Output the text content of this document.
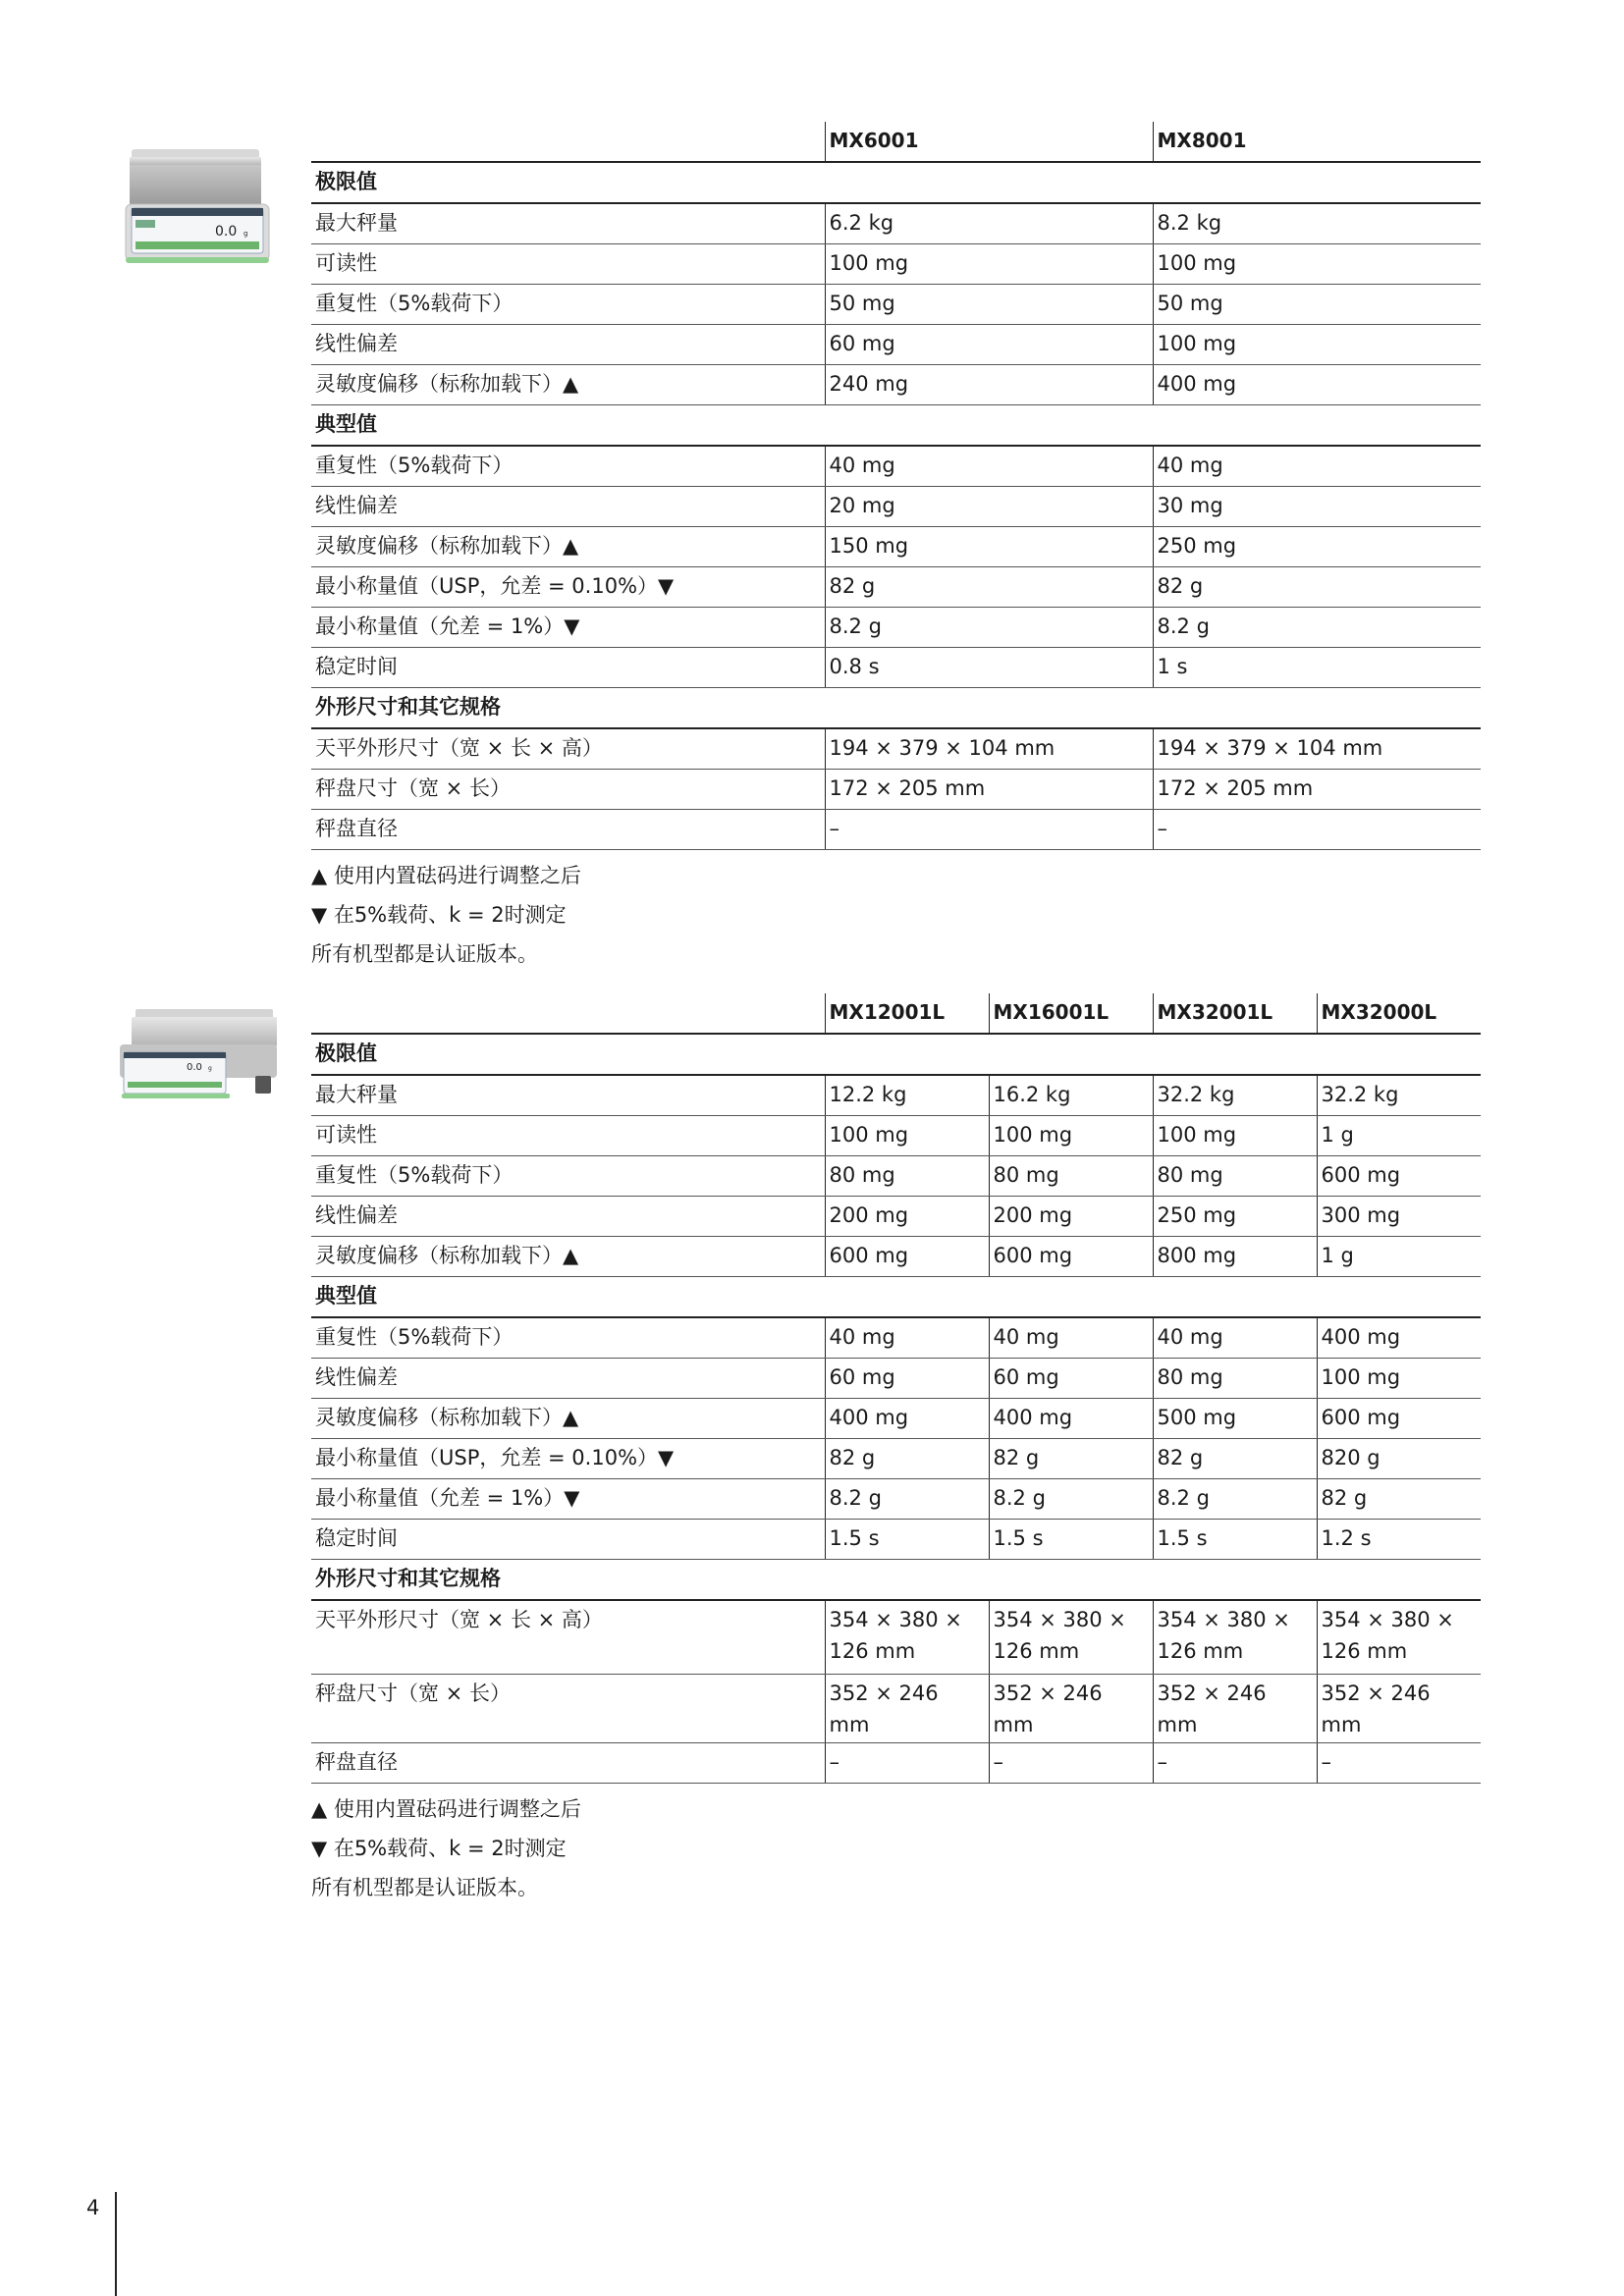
0.0 g
0.0 g
	MX6001	MX8001
极限值		
最大秤量	6.2 kg	8.2 kg
可读性	100 mg	100 mg
重复性（5%载荷下）	50 mg	50 mg
线性偏差	60 mg	100 mg
灵敏度偏移（标称加载下）▲	240 mg	400 mg
典型值		
重复性（5%载荷下）	40 mg	40 mg
线性偏差	20 mg	30 mg
灵敏度偏移（标称加载下）▲	150 mg	250 mg
最小称量值（USP，允差 = 0.10%）▼	82 g	82 g
最小称量值（允差 = 1%）▼	8.2 g	8.2 g
稳定时间	0.8 s	1 s
外形尺寸和其它规格		
天平外形尺寸（宽 × 长 × 高）	194 × 379 × 104 mm	194 × 379 × 104 mm
秤盘尺寸（宽 × 长）	172 × 205 mm	172 × 205 mm
秤盘直径	–	–
▲ 使用内置砝码进行调整之后
▼ 在5%载荷、k = 2时测定
所有机型都是认证版本。
	MX12001L	MX16001L	MX32001L	MX32000L
极限值				
最大秤量	12.2 kg	16.2 kg	32.2 kg	32.2 kg
可读性	100 mg	100 mg	100 mg	1 g
重复性（5%载荷下）	80 mg	80 mg	80 mg	600 mg
线性偏差	200 mg	200 mg	250 mg	300 mg
灵敏度偏移（标称加载下）▲	600 mg	600 mg	800 mg	1 g
典型值				
重复性（5%载荷下）	40 mg	40 mg	40 mg	400 mg
线性偏差	60 mg	60 mg	80 mg	100 mg
灵敏度偏移（标称加载下）▲	400 mg	400 mg	500 mg	600 mg
最小称量值（USP，允差 = 0.10%）▼	82 g	82 g	82 g	820 g
最小称量值（允差 = 1%）▼	8.2 g	8.2 g	8.2 g	82 g
稳定时间	1.5 s	1.5 s	1.5 s	1.2 s
外形尺寸和其它规格				
天平外形尺寸（宽 × 长 × 高）	354 × 380 × 126 mm	354 × 380 × 126 mm	354 × 380 × 126 mm	354 × 380 × 126 mm
秤盘尺寸（宽 × 长）	352 × 246 mm	352 × 246 mm	352 × 246 mm	352 × 246 mm
秤盘直径	–	–	–	–
▲ 使用内置砝码进行调整之后
▼ 在5%载荷、k = 2时测定
所有机型都是认证版本。
4
